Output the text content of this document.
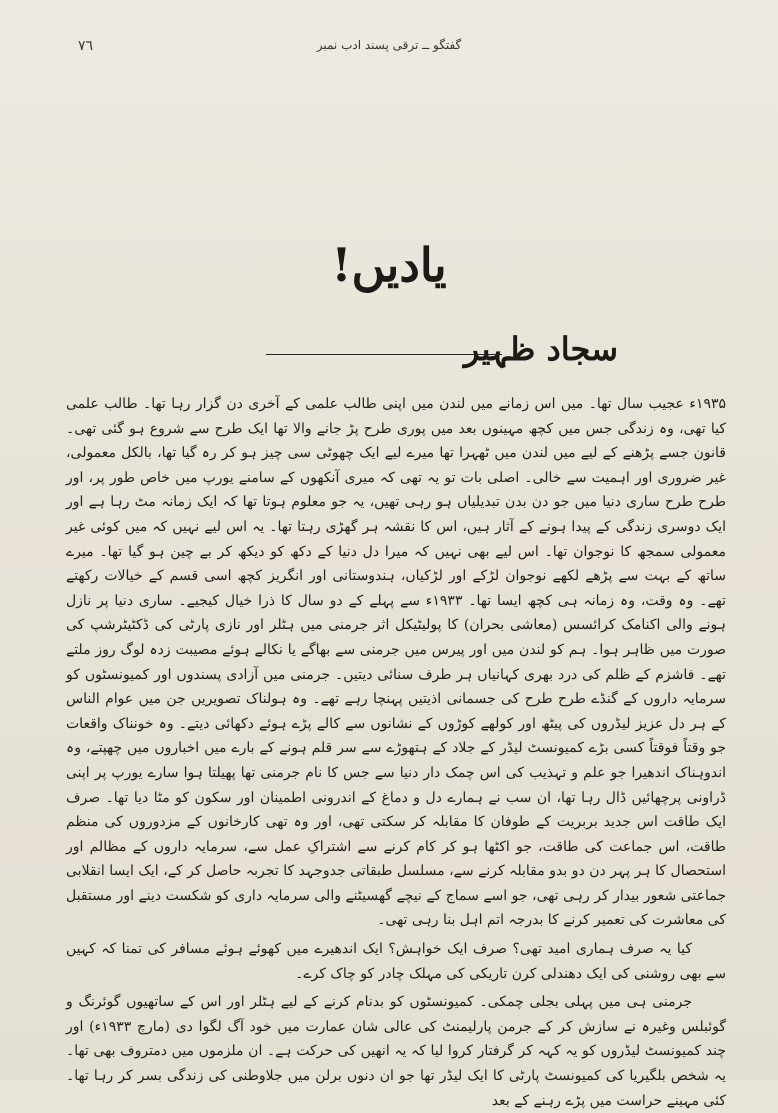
٧٦	گفتگو ــ ترقی پسند ادب نمبر
یادیں!
سجاد ظہیر

۱۹۳۵ء عجیب سال تھا۔ میں اس زمانے میں لندن میں اپنی طالب علمی کے آخری دن گزار رہا تھا۔ طالب علمی کیا تھی، وہ زندگی جس میں کچھ مہینوں بعد میں پوری طرح پڑ جانے والا تھا ایک طرح سے شروع ہو گئی تھی۔ قانون جسے پڑھنے کے لیے میں لندن میں ٹھہرا تھا میرے لیے ایک چھوٹی سی چیز ہو کر رہ گیا تھا، بالکل معمولی، غیر ضروری اور اہمیت سے خالی۔ اصلی بات تو یہ تھی کہ میری آنکھوں کے سامنے یورپ میں خاص طور پر، اور طرح طرح ساری دنیا میں جو دن بدن تبدیلیاں ہو رہی تھیں، یہ جو معلوم ہوتا تھا کہ ایک زمانہ مٹ رہا ہے اور ایک دوسری زندگی کے پیدا ہونے کے آثار ہیں، اس کا نقشہ ہر گھڑی رہتا تھا۔ یہ اس لیے نہیں کہ میں کوئی غیر معمولی سمجھ کا نوجوان تھا۔ اس لیے بھی نہیں کہ میرا دل دنیا کے دکھ کو دیکھ کر بے چین ہو گیا تھا۔ میرے ساتھ کے بہت سے پڑھے لکھے نوجوان لڑکے اور لڑکیاں، ہندوستانی اور انگریز کچھ اسی قسم کے خیالات رکھتے تھے۔ وہ وقت، وہ زمانہ ہی کچھ ایسا تھا۔ ۱۹۳۳ء سے پہلے کے دو سال کا ذرا خیال کیجیے۔ ساری دنیا پر نازل ہونے والی اکنامک کرائسس (معاشی بحران) کا پولیٹیکل اثر جرمنی میں ہٹلر اور نازی پارٹی کی ڈکٹیٹرشپ کی صورت میں ظاہر ہوا۔ ہم کو لندن میں اور پیرس میں جرمنی سے بھاگے یا نکالے ہوئے مصیبت زدہ لوگ روز ملتے تھے۔ فاشزم کے ظلم کی درد بھری کہانیاں ہر طرف سنائی دیتیں۔ جرمنی میں آزادی پسندوں اور کمیونسٹوں کو سرمایہ داروں کے گنڈے طرح طرح کی جسمانی اذیتیں پہنچا رہے تھے۔ وہ ہولناک تصویریں جن میں عوام الناس کے ہر دل عزیز لیڈروں کی پیٹھ اور کولھے کوڑوں کے نشانوں سے کالے پڑے ہوئے دکھائی دیتے۔ وہ خونناک واقعات جو وقتاً فوقتاً کسی بڑے کمیونسٹ لیڈر کے جلاد کے ہتھوڑے سے سر قلم ہونے کے بارے میں اخباروں میں چھپتے، وہ اندوہناک اندھیرا جو علم و تہذیب کی اس چمک دار دنیا سے جس کا نام جرمنی تھا پھیلتا ہوا سارے یورپ پر اپنی ڈراونی پرچھائیں ڈال رہا تھا، ان سب نے ہمارے دل و دماغ کے اندرونی اطمینان اور سکون کو مٹا دیا تھا۔ صرف ایک طاقت اس جدید بربریت کے طوفان کا مقابلہ کر سکتی تھی، اور وہ تھی کارخانوں کے مزدوروں کی منظم طاقت، اس جماعت کی طاقت، جو اکٹھا ہو کر کام کرنے سے اشتراکِ عمل سے، سرمایہ داروں کے مظالم اور استحصال کا ہر پہر دن دو بدو مقابلہ کرنے سے، مسلسل طبقاتی جدوجہد کا تجربہ حاصل کر کے، ایک ایسا انقلابی جماعتی شعور بیدار کر رہی تھی، جو اسے سماج کے نیچے گھسیٹنے والی سرمایہ داری کو شکست دینے اور مستقبل کی معاشرت کی تعمیر کرنے کا بدرجہ اتم اہل بنا رہی تھی۔

کیا یہ صرف ہماری امید تھی؟ صرف ایک خواہش؟ ایک اندھیرے میں کھوئے ہوئے مسافر کی تمنا کہ کہیں سے بھی روشنی کی ایک دھندلی کرن تاریکی کی مہلک چادر کو چاک کرے۔

جرمنی ہی میں پہلی بجلی چمکی۔ کمیونسٹوں کو بدنام کرنے کے لیے ہٹلر اور اس کے ساتھیوں گوئرنگ و گوئبلس وغیرہ نے سازش کر کے جرمن پارلیمنٹ کی عالی شان عمارت میں خود آگ لگوا دی (مارچ ۱۹۳۳ء) اور چند کمیونسٹ لیڈروں کو یہ کہہ کر گرفتار کروا لیا کہ یہ انھیں کی حرکت ہے۔ ان ملزموں میں دمتروف بھی تھا۔ یہ شخص بلگیریا کی کمیونسٹ پارٹی کا ایک لیڈر تھا جو ان دنوں برلن میں جلاوطنی کی زندگی بسر کر رہا تھا۔ کئی مہینے حراست میں پڑے رہنے کے بعد
